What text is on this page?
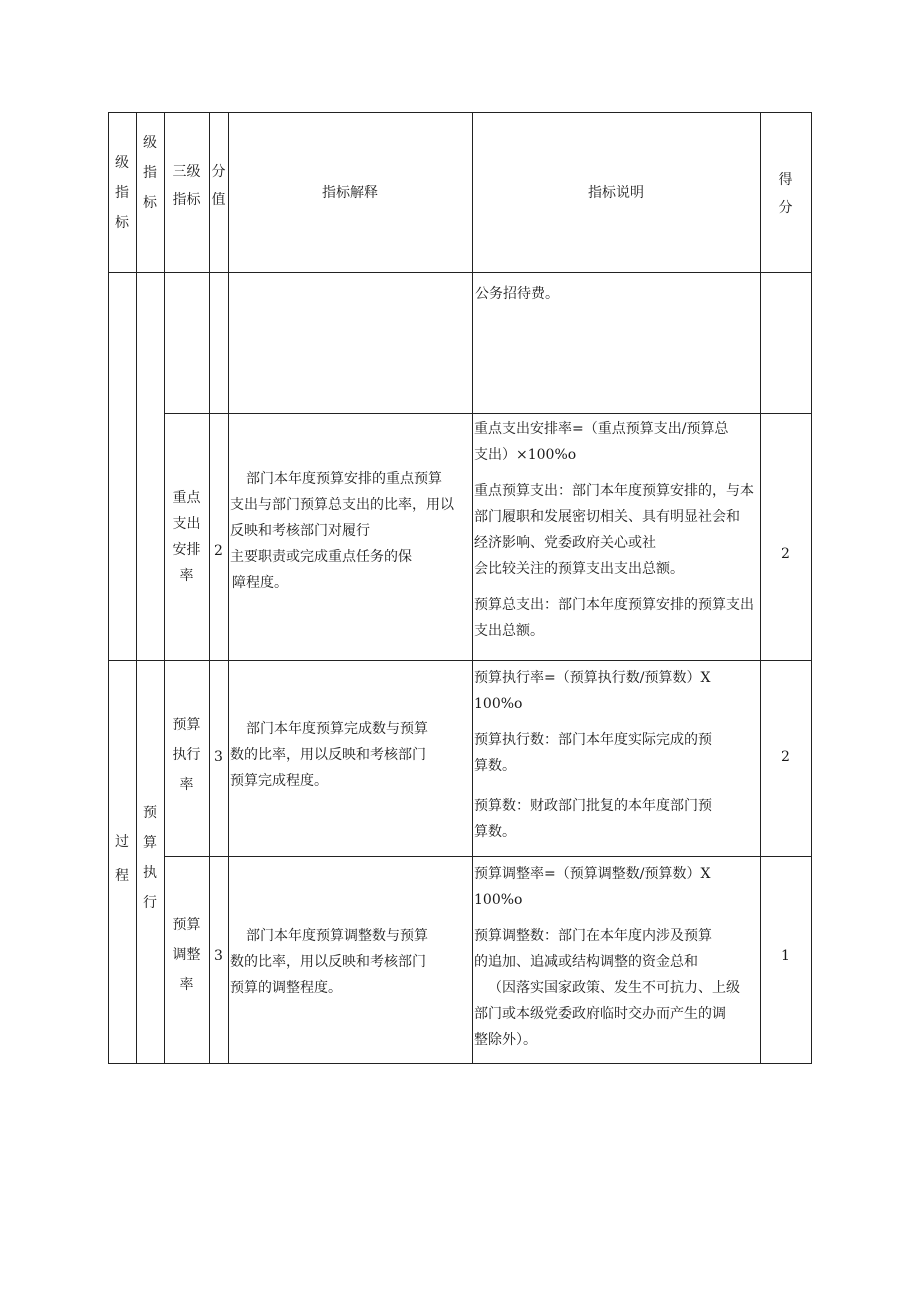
级
指
标
级
指
标
三级
指标
分
值	指标解释	指标说明
得
分
公务招待费。
重点
支出
安排
率
2
部门本年度预算安排的重点预算
支出与部门预算总支出的比率，用以
反映和考核部门对履行
主要职责或完成重点任务的保
障程度。
重点支出安排率=（重点预算支出/预算总
支出）×100%o
重点预算支出：部门本年度预算安排的，与本
部门履职和发展密切相关、具有明显社会和
经济影响、党委政府关心或社
会比较关注的预算支出支出总额。
预算总支出：部门本年度预算安排的预算支出
支出总额。
2
过
程
预
算
执
行
预算
执行
率
3
部门本年度预算完成数与预算
数的比率，用以反映和考核部门
预算完成程度。
预算执行率=（预算执行数/预算数）X
100%o
预算执行数：部门本年度实际完成的预
算数。
预算数：财政部门批复的本年度部门预
算数。
2
预算
调整
率
3
部门本年度预算调整数与预算
数的比率，用以反映和考核部门
预算的调整程度。
预算调整率=（预算调整数/预算数）X
100%o
预算调整数：部门在本年度内涉及预算
的追加、追减或结构调整的资金总和
（因落实国家政策、发生不可抗力、上级
部门或本级党委政府临时交办而产生的调
整除外）。
1
